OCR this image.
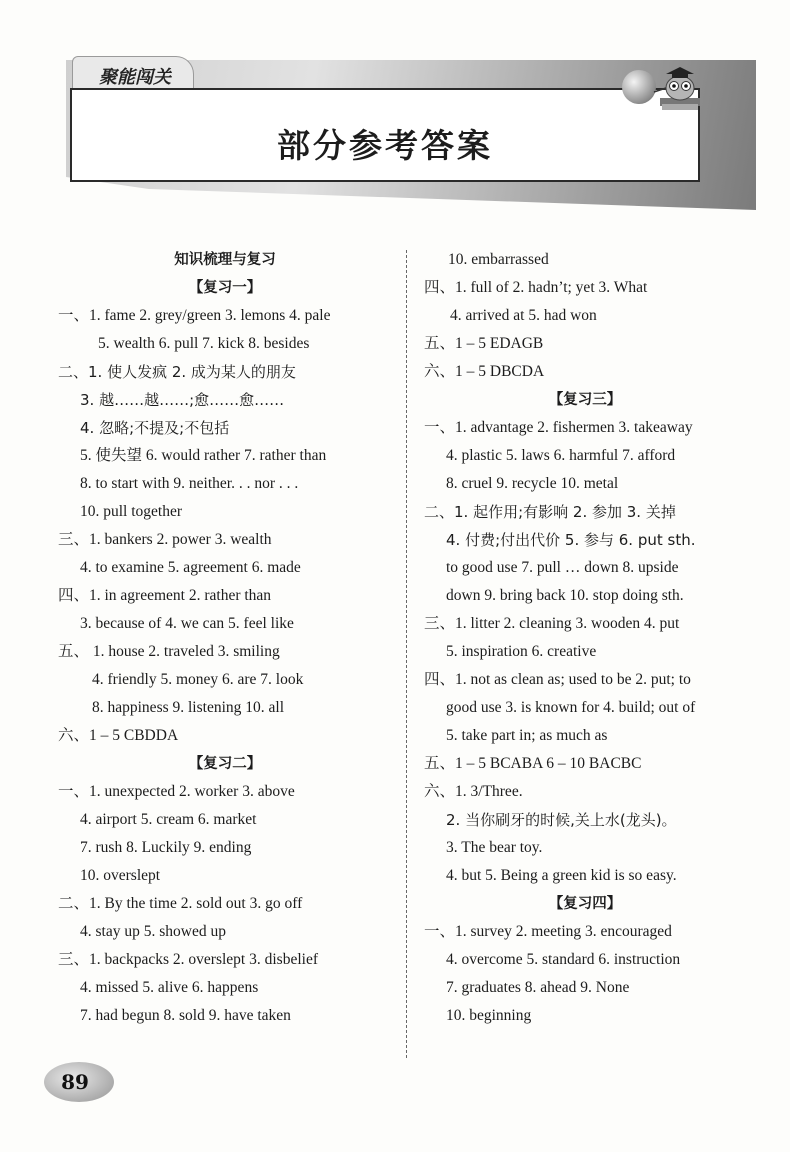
聚能闯关
部分参考答案
知识梳理与复习
【复习一】
一、1. fame 2. grey/green 3. lemons 4. pale
5. wealth 6. pull 7. kick 8. besides
二、1. 使人发疯 2. 成为某人的朋友
3. 越……越……;愈……愈……
4. 忽略;不提及;不包括
5. 使失望 6. would rather 7. rather than
8. to start with 9. neither. . . nor . . .
10. pull together
三、1. bankers 2. power 3. wealth
4. to examine 5. agreement 6. made
四、1. in agreement 2. rather than
3. because of 4. we can 5. feel like
五、 1. house 2. traveled 3. smiling
4. friendly 5. money 6. are 7. look
8. happiness 9. listening 10. all
六、1 – 5 CBDDA
【复习二】
一、1. unexpected 2. worker 3. above
4. airport 5. cream 6. market
7. rush 8. Luckily 9. ending
10. overslept
二、1. By the time 2. sold out 3. go off
4. stay up 5. showed up
三、1. backpacks 2. overslept 3. disbelief
4. missed 5. alive 6. happens
7. had begun 8. sold 9. have taken
10. embarrassed
四、1. full of 2. hadn’t; yet 3. What
4. arrived at 5. had won
五、1 – 5 EDAGB
六、1 – 5 DBCDA
【复习三】
一、1. advantage 2. fishermen 3. takeaway
4. plastic 5. laws 6. harmful 7. afford
8. cruel 9. recycle 10. metal
二、1. 起作用;有影响 2. 参加 3. 关掉
4. 付费;付出代价 5. 参与 6. put sth.
to good use 7. pull … down 8. upside
down 9. bring back 10. stop doing sth.
三、1. litter 2. cleaning 3. wooden 4. put
5. inspiration 6. creative
四、1. not as clean as; used to be 2. put; to
good use 3. is known for 4. build; out of
5. take part in; as much as
五、1 – 5 BCABA 6 – 10 BACBC
六、1. 3/Three.
2. 当你刷牙的时候,关上水(龙头)。
3. The bear toy.
4. but 5. Being a green kid is so easy.
【复习四】
一、1. survey 2. meeting 3. encouraged
4. overcome 5. standard 6. instruction
7. graduates 8. ahead 9. None
10. beginning
89
